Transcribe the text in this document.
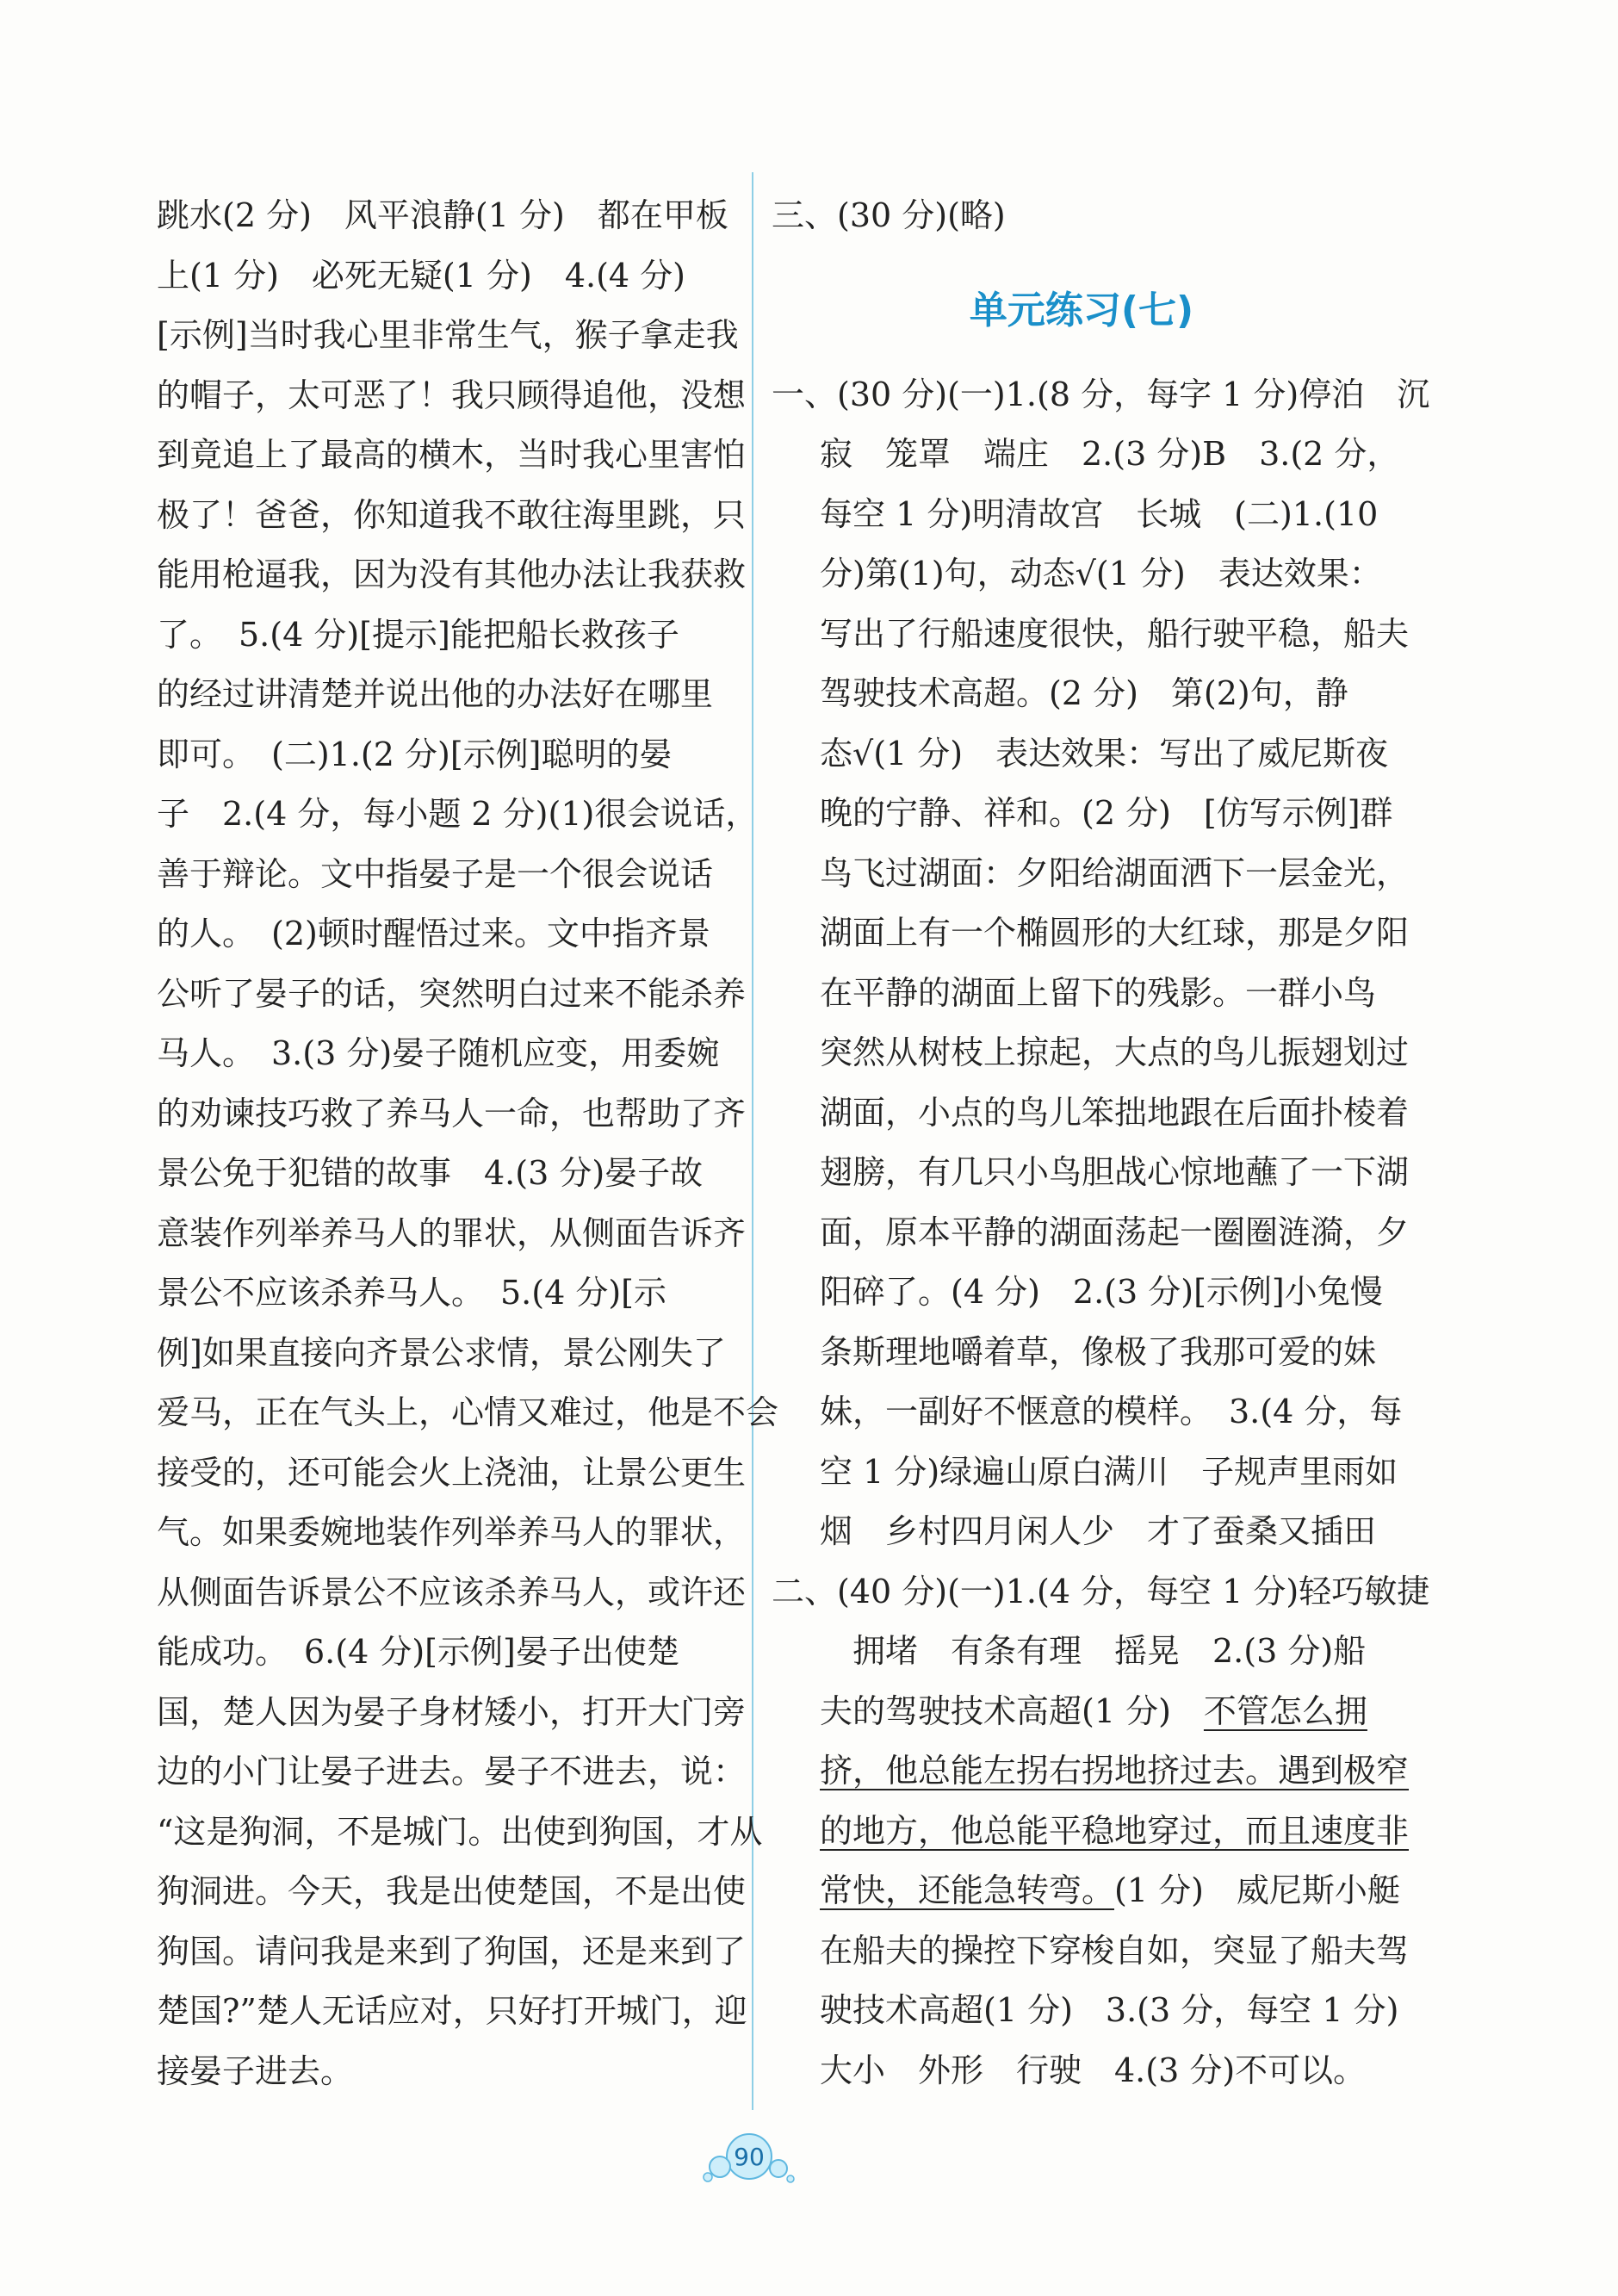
跳水(2 分)　风平浪静(1 分)　都在甲板
上(1 分)　必死无疑(1 分)　4.(4 分)
[示例]当时我心里非常生气，猴子拿走我
的帽子，太可恶了！我只顾得追他，没想
到竟追上了最高的横木，当时我心里害怕
极了！爸爸，你知道我不敢往海里跳，只
能用枪逼我，因为没有其他办法让我获救
了。　5.(4 分)[提示]能把船长救孩子
的经过讲清楚并说出他的办法好在哪里
即可。　(二)1.(2 分)[示例]聪明的晏
子　2.(4 分，每小题 2 分)(1)很会说话，
善于辩论。文中指晏子是一个很会说话
的人。　(2)顿时醒悟过来。文中指齐景
公听了晏子的话，突然明白过来不能杀养
马人。　3.(3 分)晏子随机应变，用委婉
的劝谏技巧救了养马人一命，也帮助了齐
景公免于犯错的故事　4.(3 分)晏子故
意装作列举养马人的罪状，从侧面告诉齐
景公不应该杀养马人。　5.(4 分)[示
例]如果直接向齐景公求情，景公刚失了
爱马，正在气头上，心情又难过，他是不会
接受的，还可能会火上浇油，让景公更生
气。如果委婉地装作列举养马人的罪状，
从侧面告诉景公不应该杀养马人，或许还
能成功。　6.(4 分)[示例]晏子出使楚
国，楚人因为晏子身材矮小，打开大门旁
边的小门让晏子进去。晏子不进去，说：
“这是狗洞，不是城门。出使到狗国，才从
狗洞进。今天，我是出使楚国，不是出使
狗国。请问我是来到了狗国，还是来到了
楚国?”楚人无话应对，只好打开城门，迎
接晏子进去。
三、(30 分)(略)
单元练习(七)
一、(30 分)(一)1.(8 分，每字 1 分)停泊　沉
寂　笼罩　端庄　2.(3 分)B　3.(2 分，
每空 1 分)明清故宫　长城　(二)1.(10
分)第(1)句，动态√(1 分)　表达效果：
写出了行船速度很快，船行驶平稳，船夫
驾驶技术高超。(2 分)　第(2)句，静
态√(1 分)　表达效果：写出了威尼斯夜
晚的宁静、祥和。(2 分)　[仿写示例]群
鸟飞过湖面：夕阳给湖面洒下一层金光，
湖面上有一个椭圆形的大红球，那是夕阳
在平静的湖面上留下的残影。一群小鸟
突然从树枝上掠起，大点的鸟儿振翅划过
湖面，小点的鸟儿笨拙地跟在后面扑棱着
翅膀，有几只小鸟胆战心惊地蘸了一下湖
面，原本平静的湖面荡起一圈圈涟漪，夕
阳碎了。(4 分)　2.(3 分)[示例]小兔慢
条斯理地嚼着草，像极了我那可爱的妹
妹，一副好不惬意的模样。　3.(4 分，每
空 1 分)绿遍山原白满川　子规声里雨如
烟　乡村四月闲人少　才了蚕桑又插田
二、(40 分)(一)1.(4 分，每空 1 分)轻巧敏捷
　拥堵　有条有理　摇晃　2.(3 分)船
夫的驾驶技术高超(1 分)　不管怎么拥
挤，他总能左拐右拐地挤过去。遇到极窄
的地方，他总能平稳地穿过，而且速度非
常快，还能急转弯。(1 分)　威尼斯小艇
在船夫的操控下穿梭自如，突显了船夫驾
驶技术高超(1 分)　3.(3 分，每空 1 分)
大小　外形　行驶　4.(3 分)不可以。
90
